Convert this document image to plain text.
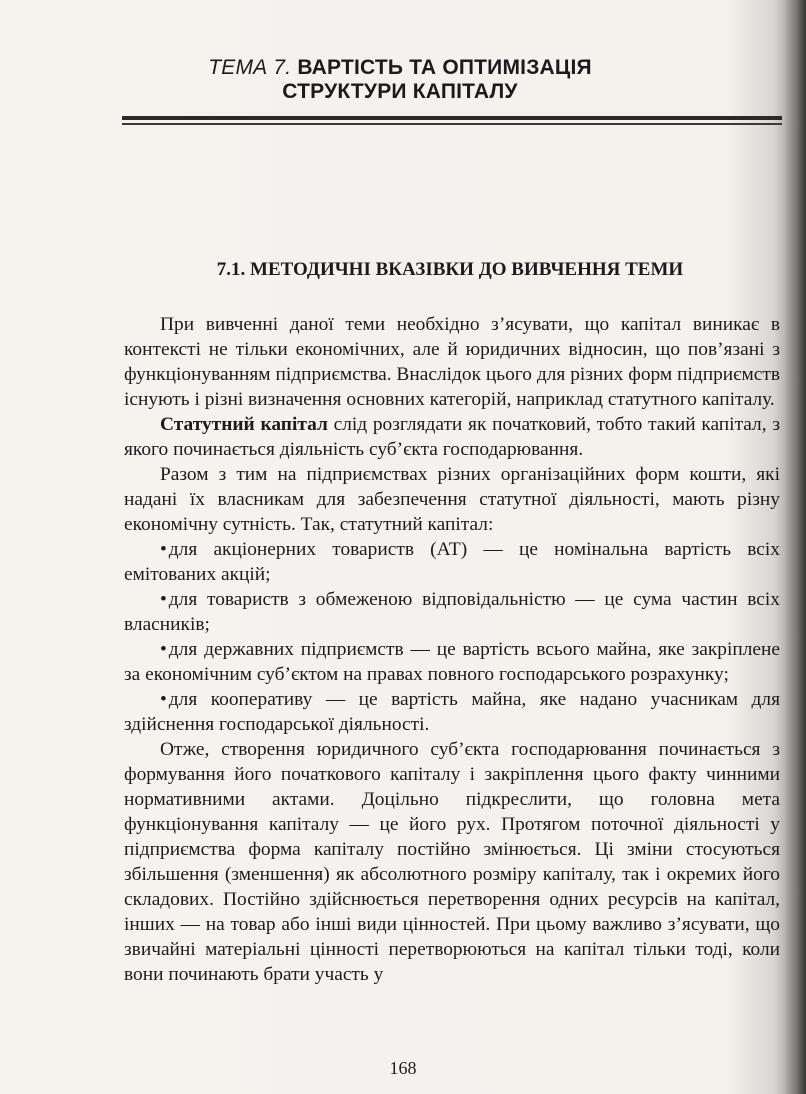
ТЕМА 7. ВАРТІСТЬ ТА ОПТИМІЗАЦІЯ
СТРУКТУРИ КАПІТАЛУ
7.1. МЕТОДИЧНІ ВКАЗІВКИ ДО ВИВЧЕННЯ ТЕМИ

При вивченні даної теми необхідно з’ясувати, що капітал виникає в контексті не тільки економічних, але й юридичних відносин, що пов’язані з функціонуванням підприємства. Внаслідок цього для різних форм підприємств існують і різні визначення основних категорій, наприклад статутного капіталу.

Статутний капітал слід розглядати як початковий, тобто такий капітал, з якого починається діяльність суб’єкта господарювання.

Разом з тим на підприємствах різних організаційних форм кошти, які надані їх власникам для забезпечення статутної діяльності, мають різну економічну сутність. Так, статутний капітал:

• для акціонерних товариств (АТ) — це номінальна вартість всіх емітованих акцій;
• для товариств з обмеженою відповідальністю — це сума частин всіх власників;
• для державних підприємств — це вартість всього майна, яке закріплене за економічним суб’єктом на правах повного господарського розрахунку;
• для кооперативу — це вартість майна, яке надано учасникам для здійснення господарської діяльності.

Отже, створення юридичного суб’єкта господарювання починається з формування його початкового капіталу і закріплення цього факту чинними нормативними актами. Доцільно підкреслити, що головна мета функціонування капіталу — це його рух. Протягом поточної діяльності у підприємства форма капіталу постійно змінюється. Ці зміни стосуються збільшення (зменшення) як абсолютного розміру капіталу, так і окремих його складових. Постійно здійснюється перетворення одних ресурсів на капітал, інших — на товар або інші види цінностей. При цьому важливо з’ясувати, що звичайні матеріальні цінності перетворюються на капітал тільки тоді, коли вони починають брати участь у

168
